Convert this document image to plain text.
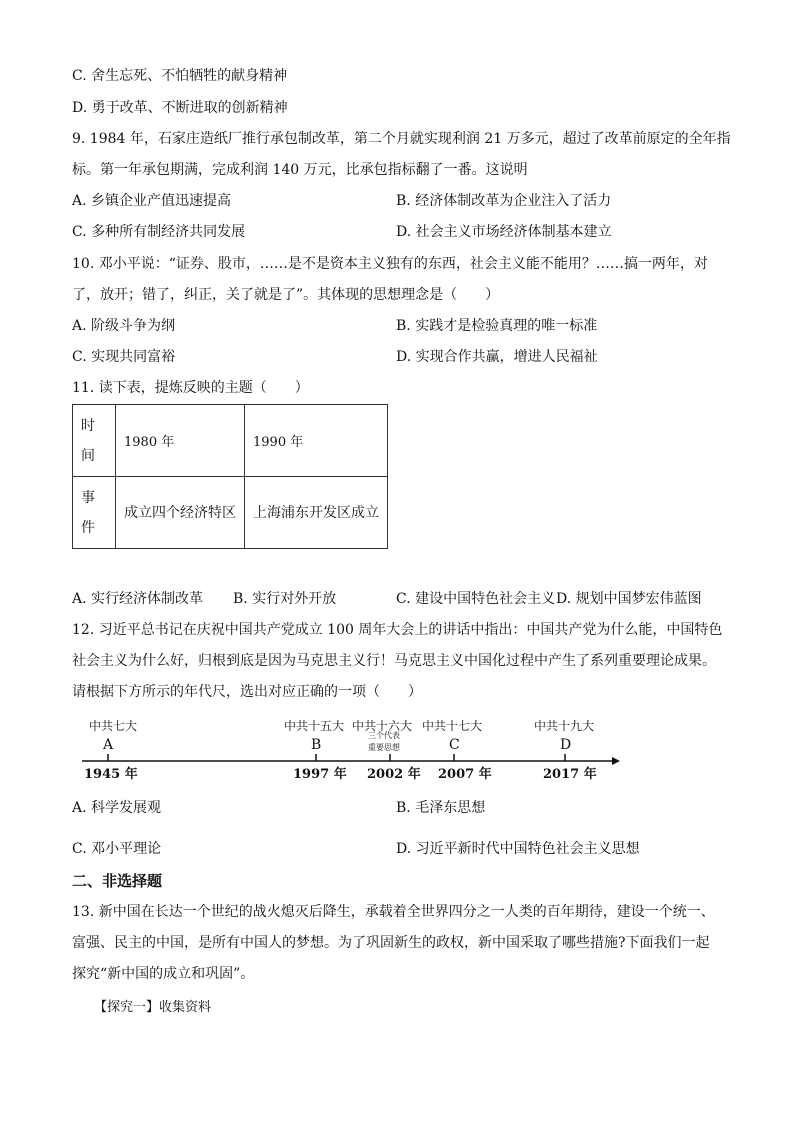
C. 舍生忘死、不怕牺牲的献身精神
D. 勇于改革、不断进取的创新精神
9. 1984 年，石家庄造纸厂推行承包制改革，第二个月就实现利润 21 万多元，超过了改革前原定的全年指
标。第一年承包期满，完成利润 140 万元，比承包指标翻了一番。这说明
A. 乡镇企业产值迅速提高	B. 经济体制改革为企业注入了活力
C. 多种所有制经济共同发展	D. 社会主义市场经济体制基本建立
10. 邓小平说：“证券、股市，……是不是资本主义独有的东西，社会主义能不能用？……搞一两年，对
了，放开；错了，纠正，关了就是了”。其体现的思想理念是（　　）
A. 阶级斗争为纲	B. 实践才是检验真理的唯一标准
C. 实现共同富裕	D. 实现合作共赢，增进人民福祉
11. 读下表，提炼反映的主题（　　）
时间	1980 年	1990 年

事件	成立四个经济特区	上海浦东开发区成立
A. 实行经济体制改革 B. 实行对外开放	C. 建设中国特色社会主义 D. 规划中国梦宏伟蓝图
12. 习近平总书记在庆祝中国共产党成立 100 周年大会上的讲话中指出：中国共产党为什么能，中国特色
社会主义为什么好，归根到底是因为马克思主义行！马克思主义中国化过程中产生了系列重要理论成果。
请根据下方所示的年代尺，选出对应正确的一项（　　）
中共七大	中共十五大 中共十六大 中共十七大	中共十九大
三个代表
重要思想
A	B	C	D
1945 年	1997 年 2002 年 2007 年	2017 年
A. 科学发展观	B. 毛泽东思想
C. 邓小平理论	D. 习近平新时代中国特色社会主义思想
二、非选择题
13. 新中国在长达一个世纪的战火熄灭后降生，承载着全世界四分之一人类的百年期待，建设一个统一、
富强、民主的中国，是所有中国人的梦想。为了巩固新生的政权，新中国采取了哪些措施?下面我们一起
探究“新中国的成立和巩固”。
【探究一】收集资料
